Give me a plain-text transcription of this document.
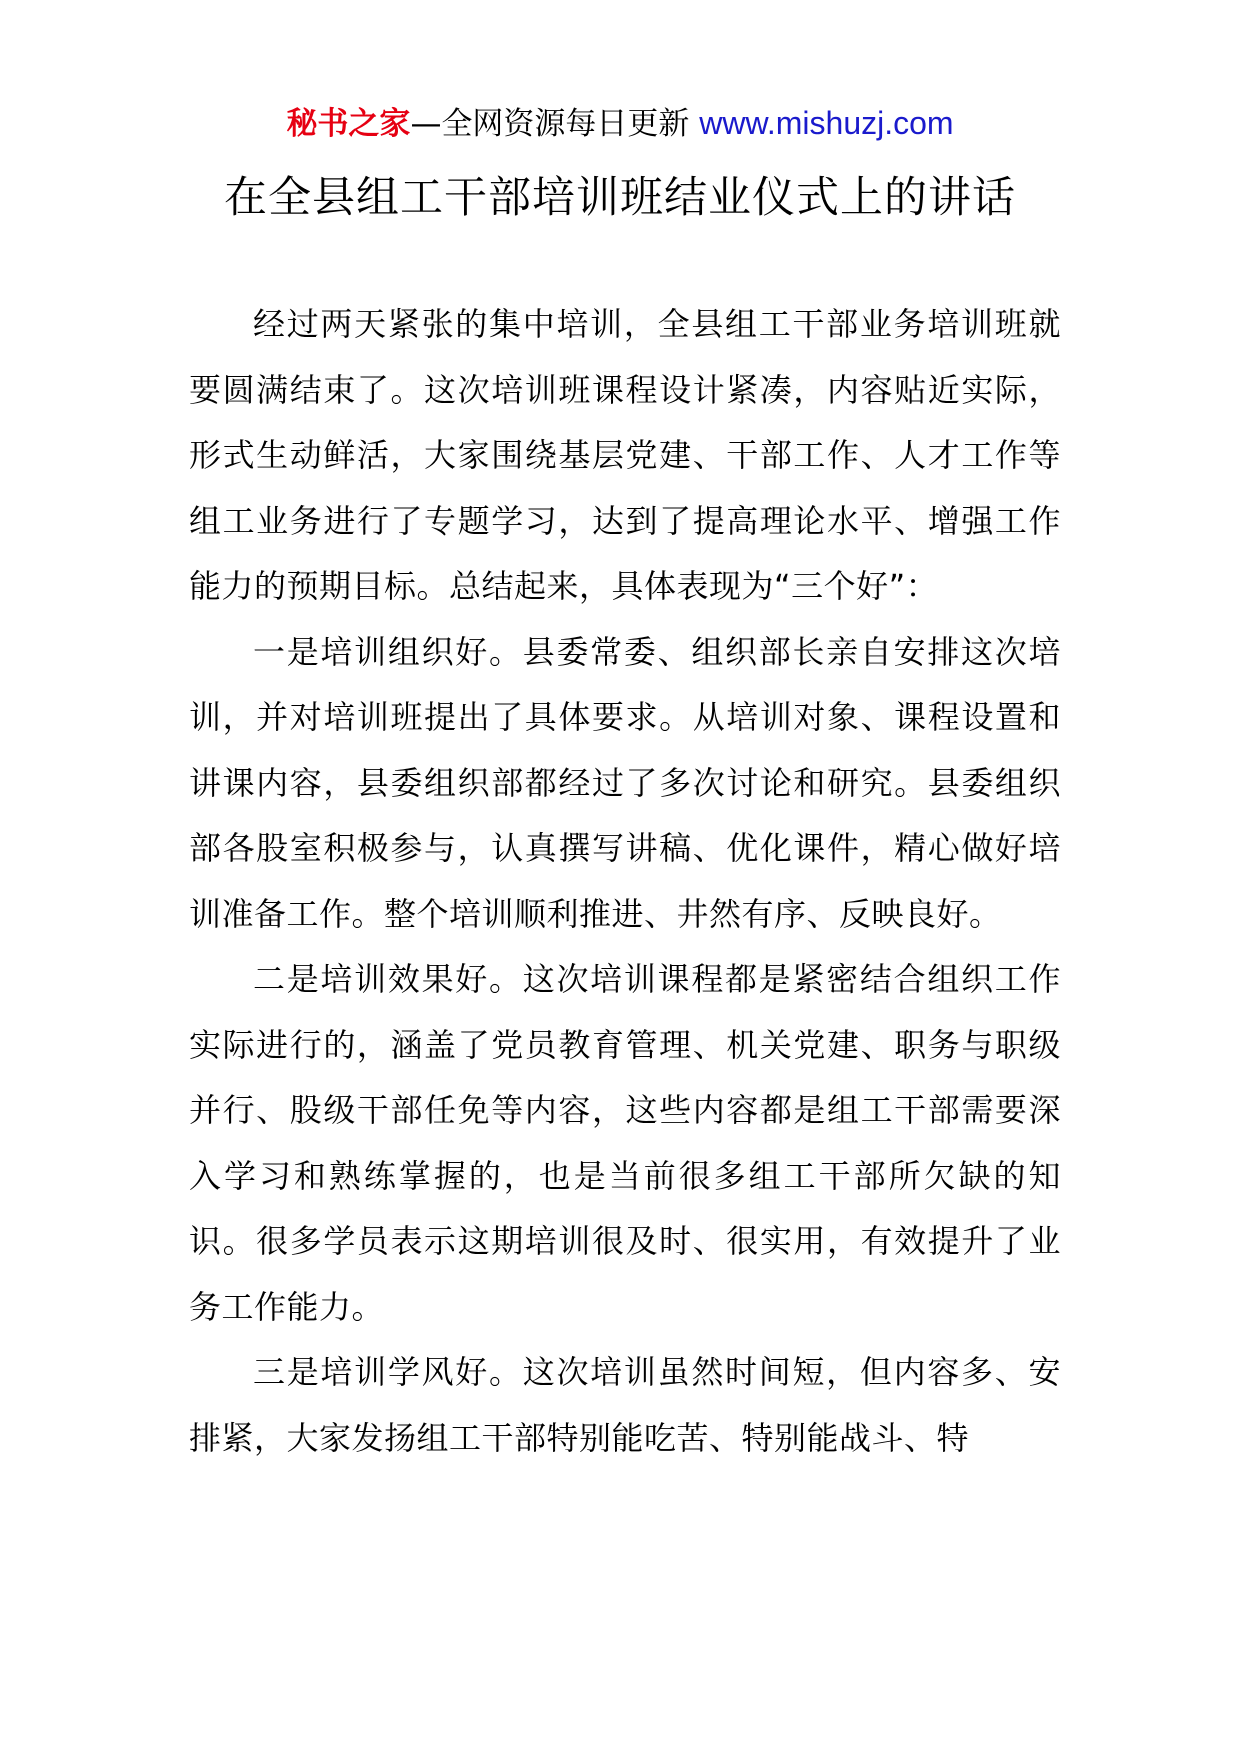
秘书之家—全网资源每日更新 www.mishuzj.com
在全县组工干部培训班结业仪式上的讲话

经过两天紧张的集中培训，全县组工干部业务培训班就要圆满结束了。这次培训班课程设计紧凑，内容贴近实际，形式生动鲜活，大家围绕基层党建、干部工作、人才工作等组工业务进行了专题学习，达到了提高理论水平、增强工作能力的预期目标。总结起来，具体表现为“三个好”：

一是培训组织好。县委常委、组织部长亲自安排这次培训，并对培训班提出了具体要求。从培训对象、课程设置和讲课内容，县委组织部都经过了多次讨论和研究。县委组织部各股室积极参与，认真撰写讲稿、优化课件，精心做好培训准备工作。整个培训顺利推进、井然有序、反映良好。

二是培训效果好。这次培训课程都是紧密结合组织工作实际进行的，涵盖了党员教育管理、机关党建、职务与职级并行、股级干部任免等内容，这些内容都是组工干部需要深入学习和熟练掌握的，也是当前很多组工干部所欠缺的知识。很多学员表示这期培训很及时、很实用，有效提升了业务工作能力。

三是培训学风好。这次培训虽然时间短，但内容多、安排紧，大家发扬组工干部特别能吃苦、特别能战斗、特
